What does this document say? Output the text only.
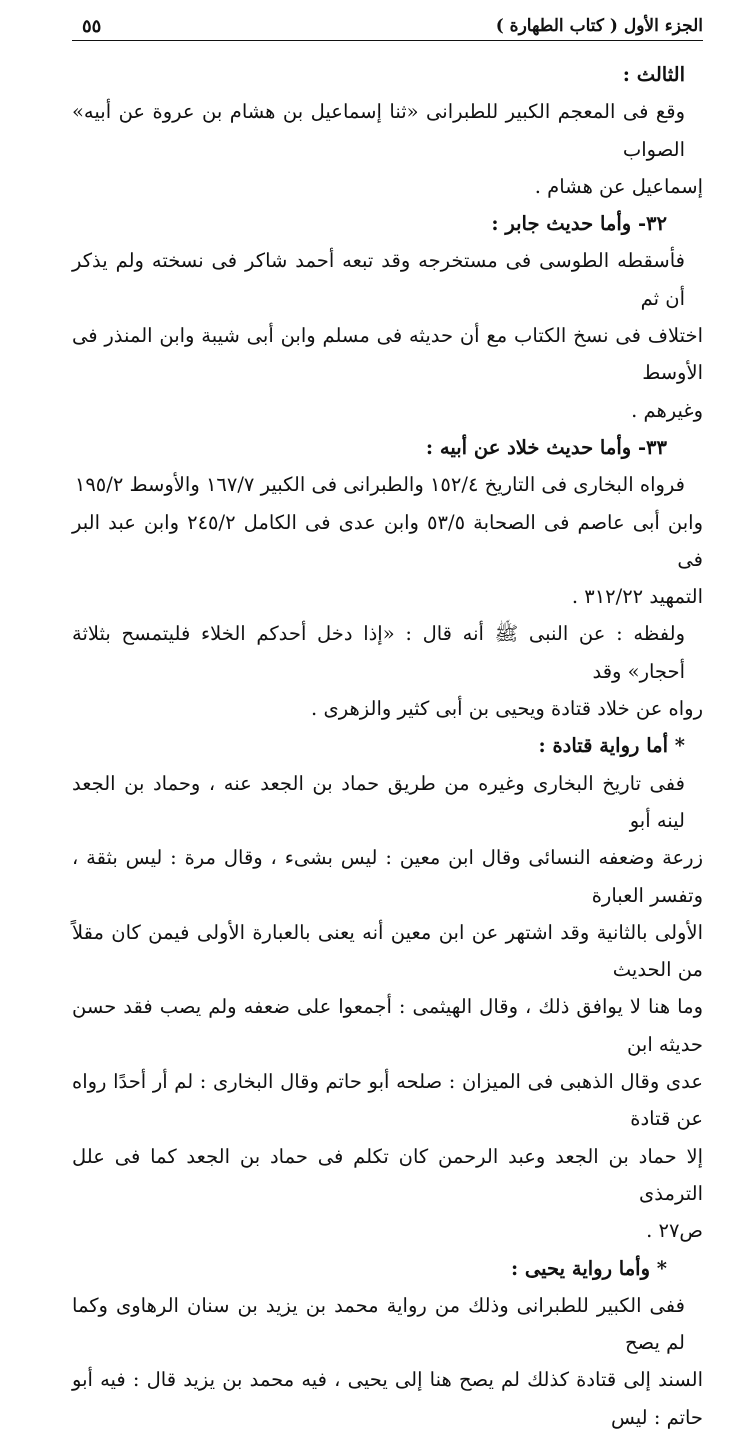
الجزء الأول ( كتاب الطهارة )
٥٥

الثالث :

وقع فى المعجم الكبير للطبرانى «ثنا إسماعيل بن هشام بن عروة عن أبيه» الصواب

إسماعيل عن هشام .

٣٢- وأما حديث جابر :

فأسقطه الطوسى فى مستخرجه وقد تبعه أحمد شاكر فى نسخته ولم يذكر أن ثم

اختلاف فى نسخ الكتاب مع أن حديثه فى مسلم وابن أبى شيبة وابن المنذر فى الأوسط

وغيرهم .

٣٣- وأما حديث خلاد عن أبيه :

فرواه البخارى فى التاريخ ١٥٢/٤ والطبرانى فى الكبير ١٦٧/٧ والأوسط ١٩٥/٢

وابن أبى عاصم فى الصحابة ٥٣/٥ وابن عدى فى الكامل ٢٤٥/٢ وابن عبد البر فى

التمهيد ٣١٢/٢٢ .

ولفظه : عن النبى ﷺ أنه قال : «إذا دخل أحدكم الخلاء فليتمسح بثلاثة أحجار» وقد

رواه عن خلاد قتادة ويحيى بن أبى كثير والزهرى .

* أما رواية قتادة :

ففى تاريخ البخارى وغيره من طريق حماد بن الجعد عنه ، وحماد بن الجعد لينه أبو

زرعة وضعفه النسائى وقال ابن معين : ليس بشىء ، وقال مرة : ليس بثقة ، وتفسر العبارة

الأولى بالثانية وقد اشتهر عن ابن معين أنه يعنى بالعبارة الأولى فيمن كان مقلاً من الحديث

وما هنا لا يوافق ذلك ، وقال الهيثمى : أجمعوا على ضعفه ولم يصب فقد حسن حديثه ابن

عدى وقال الذهبى فى الميزان : صلحه أبو حاتم وقال البخارى : لم أر أحدًا رواه عن قتادة

إلا حماد بن الجعد وعبد الرحمن كان تكلم فى حماد بن الجعد كما فى علل الترمذى

ص٢٧ .

* وأما رواية يحيى :

ففى الكبير للطبرانى وذلك من رواية محمد بن يزيد بن سنان الرهاوى وكما لم يصح

السند إلى قتادة كذلك لم يصح هنا إلى يحيى ، فيه محمد بن يزيد قال : فيه أبو حاتم : ليس
